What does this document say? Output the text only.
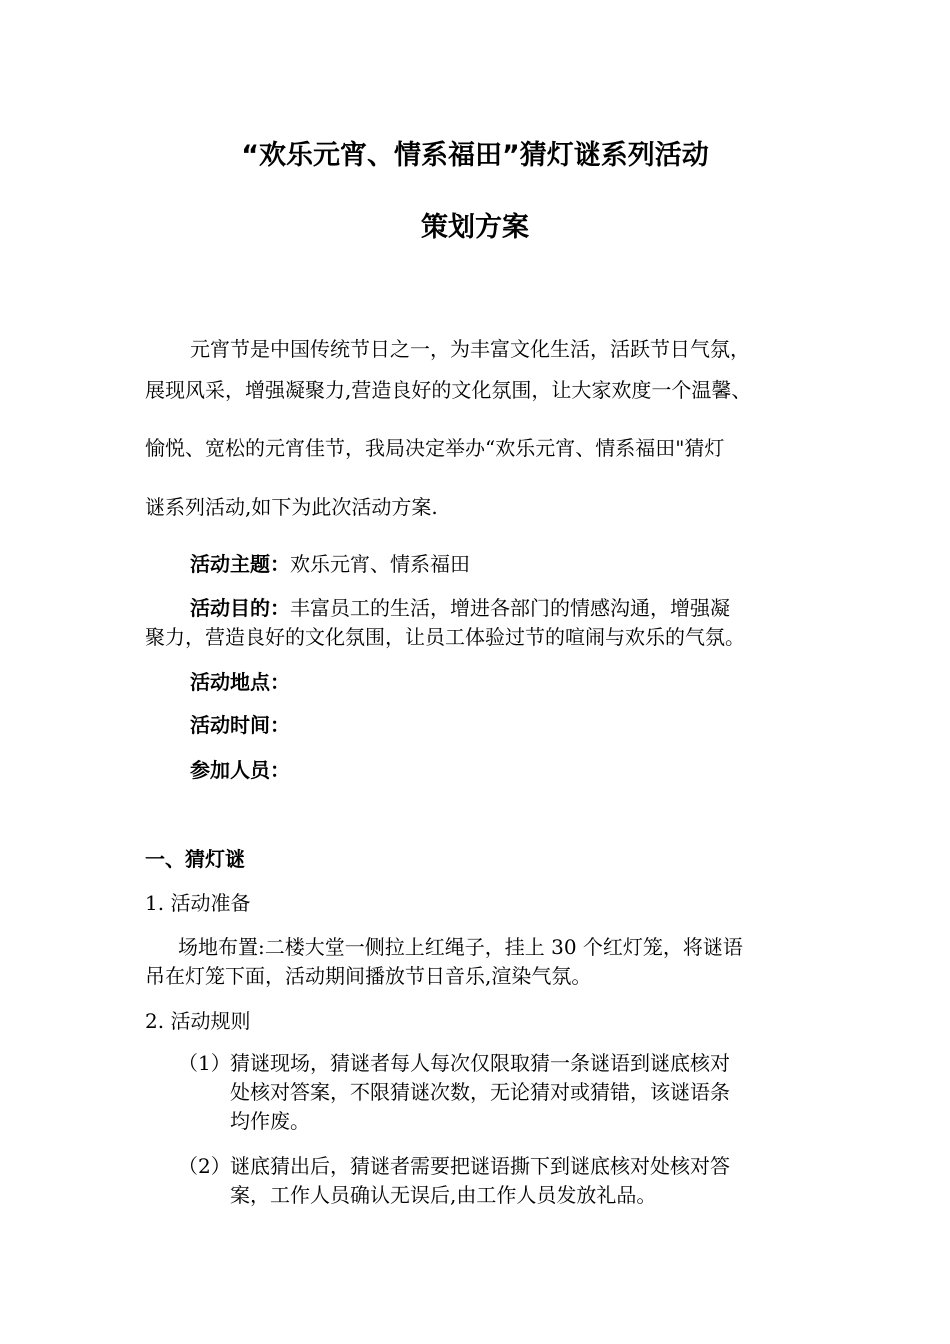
“欢乐元宵、情系福田”猜灯谜系列活动
策划方案
元宵节是中国传统节日之一，为丰富文化生活，活跃节日气氛，
展现风采，增强凝聚力,营造良好的文化氛围，让大家欢度一个温馨、
愉悦、宽松的元宵佳节，我局决定举办“欢乐元宵、情系福田"猜灯
谜系列活动,如下为此次活动方案.
活动主题：欢乐元宵、情系福田
活动目的：丰富员工的生活，增进各部门的情感沟通，增强凝
聚力，营造良好的文化氛围，让员工体验过节的喧闹与欢乐的气氛。
活动地点：
活动时间：
参加人员：
一、猜灯谜
1. 活动准备
场地布置:二楼大堂一侧拉上红绳子，挂上 30 个红灯笼，将谜语
吊在灯笼下面，活动期间播放节日音乐,渲染气氛。
2. 活动规则
（1） 猜谜现场，猜谜者每人每次仅限取猜一条谜语到谜底核对
处核对答案，不限猜谜次数，无论猜对或猜错，该谜语条
均作废。
（2） 谜底猜出后，猜谜者需要把谜语撕下到谜底核对处核对答
案，工作人员确认无误后,由工作人员发放礼品。
